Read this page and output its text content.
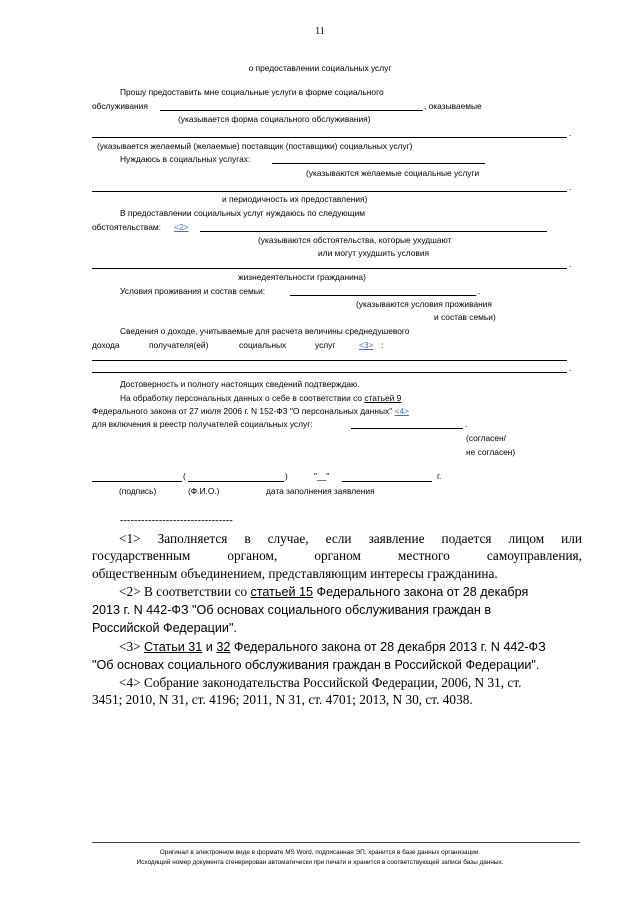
11
о предоставлении социальных услуг
Прошу предоставить мне социальные услуги в форме социального
обслуживания	, оказываемые
(указывается форма социального обслуживания)
.
(указывается желаемый (желаемые) поставщик (поставщики) социальных услуг)
Нуждаюсь в социальных услугах:
(указываются желаемые социальные услуги
.
и периодичность их предоставления)
В предоставлении социальных услуг нуждаюсь по следующим
обстоятельствам: <2>
(указываются обстоятельства, которые ухудшают
или могут ухудшить условия
.
жизнедеятельности гражданина)
Условия проживания и состав семьи:	.
(указываются условия проживания
и состав семьи)
Сведения о доходе, учитываемые для расчета величины среднедушевого
дохода	получателя(ей)	социальных	услуг	<3> :
.
Достоверность и полноту настоящих сведений подтверждаю.
На обработку персональных данных о себе в соответствии со статьей 9
Федерального закона от 27 июля 2006 г. N 152-ФЗ "О персональных данных" <4>
для включения в реестр получателей социальных услуг:	.
(согласен/
не согласен)
(	)	"__"	г.
(подпись)	(Ф.И.О.)	дата заполнения заявления
--------------------------------
<1> Заполняется в случае, если заявление подается лицом или
государственным органом, органом местного самоуправления,
общественным объединением, представляющим интересы гражданина.
<2> В соответствии со статьей 15 Федерального закона от 28 декабря
2013 г. N 442-ФЗ "Об основах социального обслуживания граждан в
Российской Федерации".
<3> Статьи 31 и 32 Федерального закона от 28 декабря 2013 г. N 442-ФЗ
"Об основах социального обслуживания граждан в Российской Федерации".
<4> Собрание законодательства Российской Федерации, 2006, N 31, ст.
3451; 2010, N 31, ст. 4196; 2011, N 31, ст. 4701; 2013, N 30, ст. 4038.
Оригинал в электронном виде в формате MS Word, подписанная ЭП, хранится в базе данных организации.
Исходящий номер документа сгенерирован автоматически при печати и хранится в соответствующей записи базы данных.
